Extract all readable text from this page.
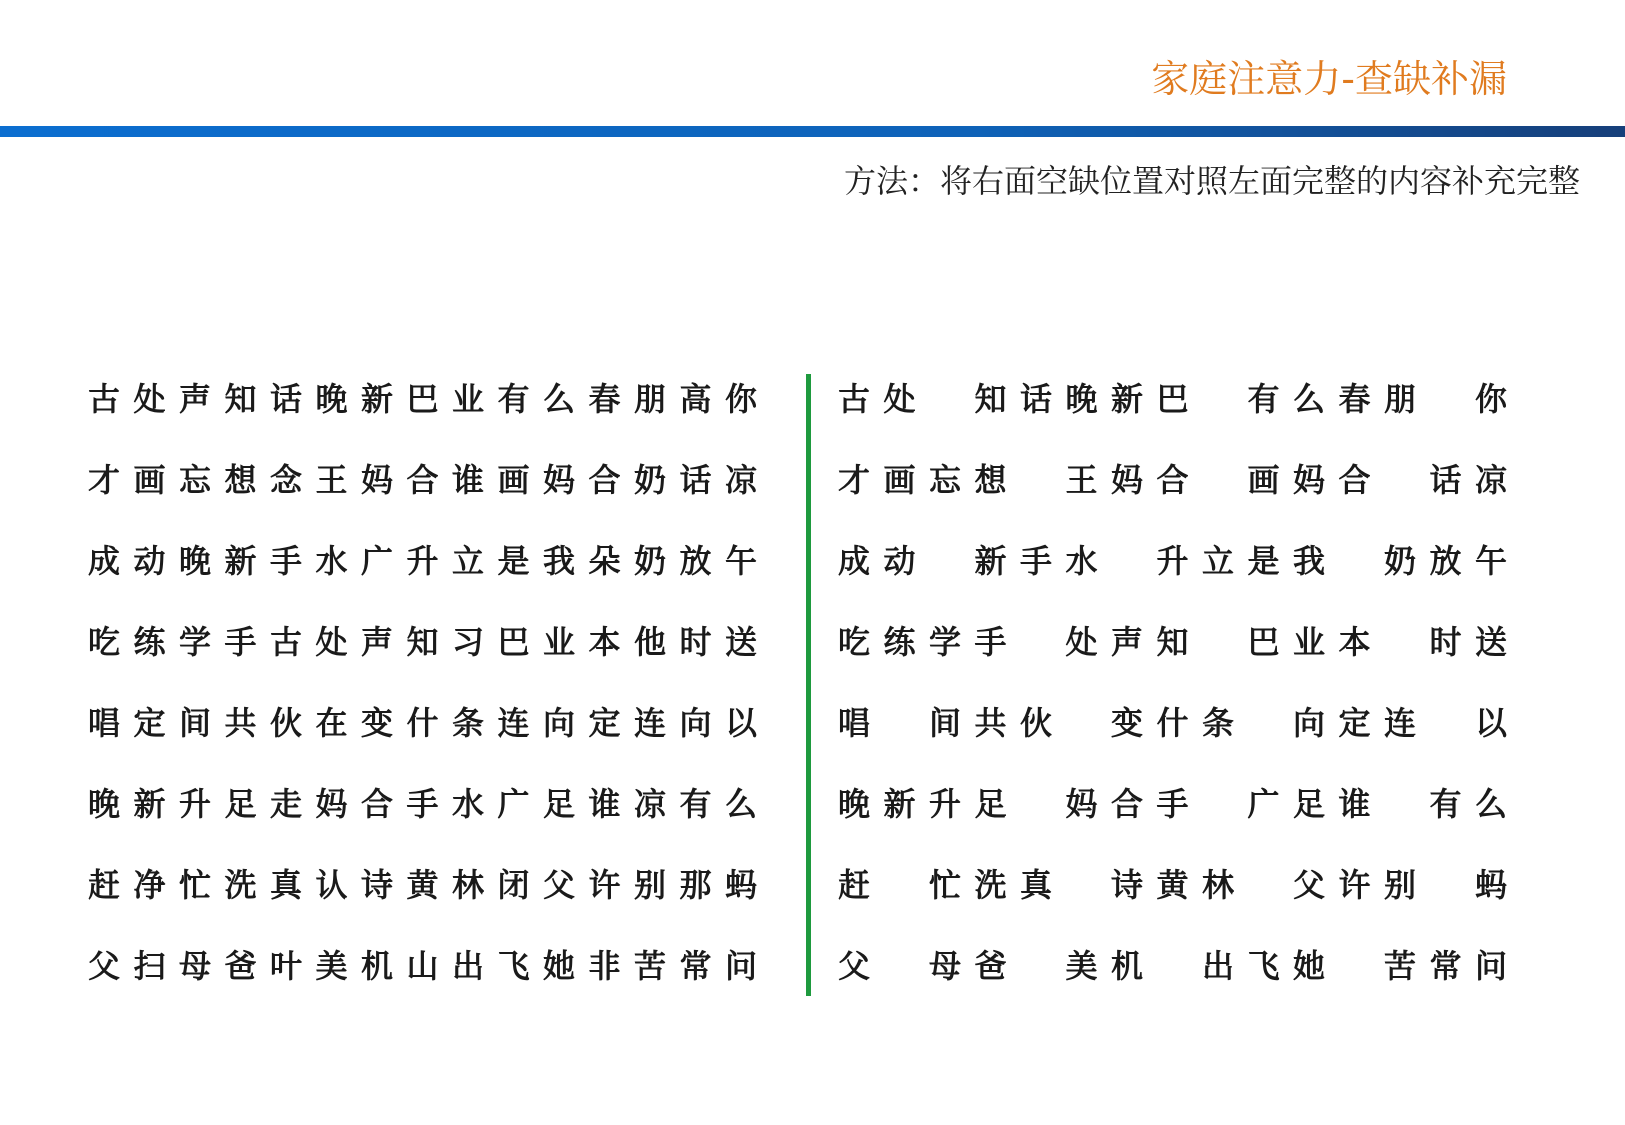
家庭注意力-查缺补漏
方法：将右面空缺位置对照左面完整的内容补充完整
古 处 声 知 话 晚 新 巴 业 有 么 春 朋 高 你
才 画 忘 想 念 王 妈 合 谁 画 妈 合 奶 话 凉
成 动 晚 新 手 水 广 升 立 是 我 朵 奶 放 午
吃 练 学 手 古 处 声 知 习 巴 业 本 他 时 送
唱 定 间 共 伙 在 变 什 条 连 向 定 连 向 以
晚 新 升 足 走 妈 合 手 水 广 足 谁 凉 有 么
赶 净 忙 洗 真 认 诗 黄 林 闭 父 许 别 那 蚂
父 扫 母 爸 叶 美 机 山 出 飞 她 非 苦 常 问
古 处	知 话 晚 新 巴	有 么 春 朋	你
才 画 忘 想	王 妈 合	画 妈 合	话 凉
成 动	新 手 水	升 立 是 我	奶 放 午
吃 练 学 手	处 声 知	巴 业 本	时 送
唱	间 共 伙	变 什 条	向 定 连	以
晚 新 升 足	妈 合 手	广 足 谁	有 么
赶	忙 洗 真	诗 黄 林	父 许 别	蚂
父	母 爸	美 机	出 飞 她	苦 常 问
